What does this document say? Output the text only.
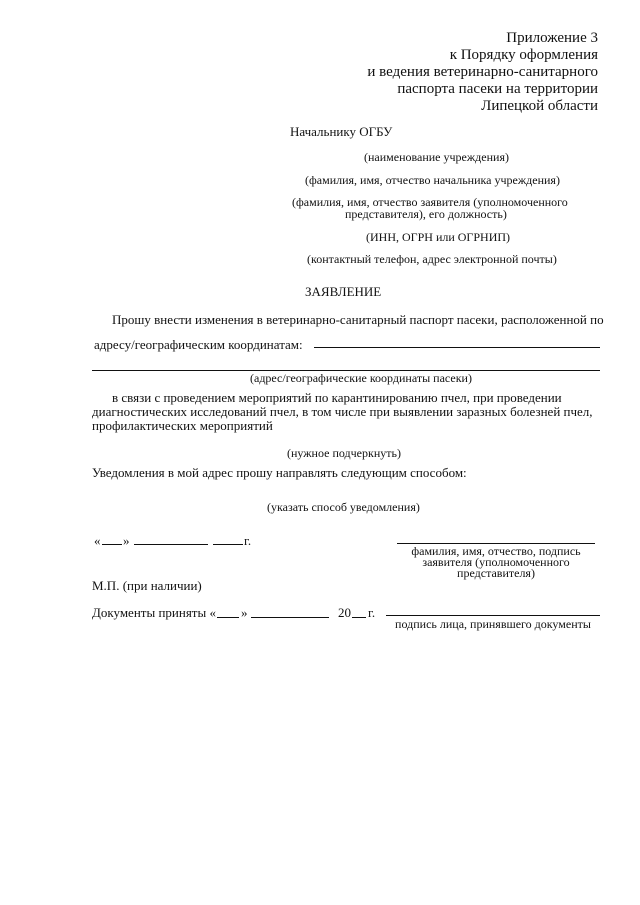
Приложение 3
к Порядку оформления
и ведения ветеринарно-санитарного
паспорта пасеки на территории
Липецкой области
Начальнику ОГБУ
(наименование учреждения)
(фамилия, имя, отчество начальника учреждения)
(фамилия, имя, отчество заявителя (уполномоченного
представителя), его должность)
(ИНН, ОГРН или ОГРНИП)
(контактный телефон, адрес электронной почты)
ЗАЯВЛЕНИЕ
Прошу внести изменения в ветеринарно-санитарный паспорт пасеки, расположенной по
адресу/географическим координатам:
(адрес/географические координаты пасеки)
в связи с проведением мероприятий по карантинированию пчел, при проведении
диагностических исследований пчел, в том числе при выявлении заразных болезней пчел,
профилактических мероприятий
(нужное подчеркнуть)
Уведомления в мой адрес прошу направлять следующим способом:
(указать способ уведомления)
« »	г.
фамилия, имя, отчество, подпись
заявителя (уполномоченного
представителя)
М.П. (при наличии)
Документы приняты « »	20 г.
подпись лица, принявшего документы
